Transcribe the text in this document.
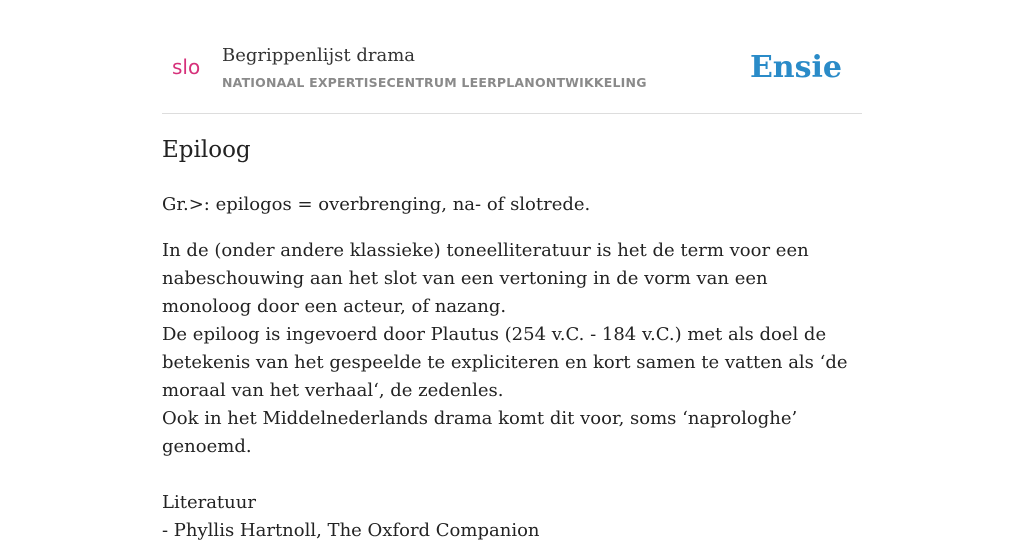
slo Begrippenlijst drama
NATIONAAL EXPERTISECENTRUM LEERPLANONTWIKKELING	Ensie
Epiloog

Gr.>: epilogos = overbrenging, na- of slotrede.

In de (onder andere klassieke) toneelliteratuur is het de term voor een nabeschouwing aan het slot van een vertoning in de vorm van een monoloog door een acteur, of nazang.
De epiloog is ingevoerd door Plautus (254 v.C. - 184 v.C.) met als doel de betekenis van het gespeelde te expliciteren en kort samen te vatten als ‘de moraal van het verhaal‘, de zedenles.
Ook in het Middelnederlands drama komt dit voor, soms ‘naprologhe’ genoemd.
Literatuur
- Phyllis Hartnoll, The Oxford Companion
